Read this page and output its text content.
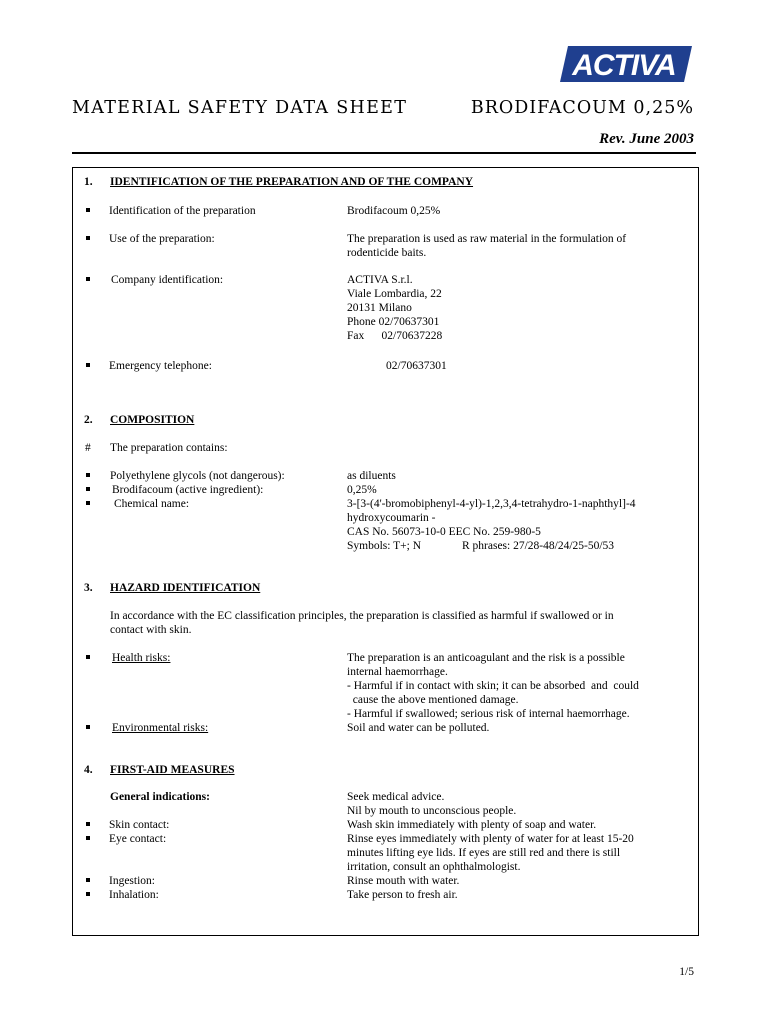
ACTIVA
MATERIAL SAFETY DATA SHEET	BRODIFACOUM 0,25%
Rev. June 2003
1. IDENTIFICATION OF THE PREPARATION AND OF THE COMPANY
Identification of the preparation	Brodifacoum 0,25%
Use of the preparation:	The preparation is used as raw material in the formulation of
rodenticide baits.
Company identification:	ACTIVA S.r.l.
Viale Lombardia, 22
20131 Milano
Phone 02/70637301
Fax      02/70637228
Emergency telephone:	02/70637301
2. COMPOSITION
# The preparation contains:
Polyethylene glycols (not dangerous):	as diluents
Brodifacoum (active ingredient):	0,25%
Chemical name:	3-[3-(4'-bromobiphenyl-4-yl)-1,2,3,4-tetrahydro-1-naphthyl]-4
hydroxycoumarin -
CAS No. 56073-10-0 EEC No. 259-980-5
Symbols: T+; N	R phrases: 27/28-48/24/25-50/53
3. HAZARD IDENTIFICATION
In accordance with the EC classification principles, the preparation is classified as harmful if swallowed or in
contact with skin.
Health risks:	The preparation is an anticoagulant and the risk is a possible
internal haemorrhage.
- Harmful if in contact with skin; it can be absorbed  and  could
cause the above mentioned damage.
- Harmful if swallowed; serious risk of internal haemorrhage.
Environmental risks:	Soil and water can be polluted.
4. FIRST-AID MEASURES
General indications:	Seek medical advice.
Nil by mouth to unconscious people.
Skin contact:	Wash skin immediately with plenty of soap and water.
Eye contact:	Rinse eyes immediately with plenty of water for at least 15-20
minutes lifting eye lids. If eyes are still red and there is still
irritation, consult an ophthalmologist.
Ingestion:	Rinse mouth with water.
Inhalation:	Take person to fresh air.
1/5
